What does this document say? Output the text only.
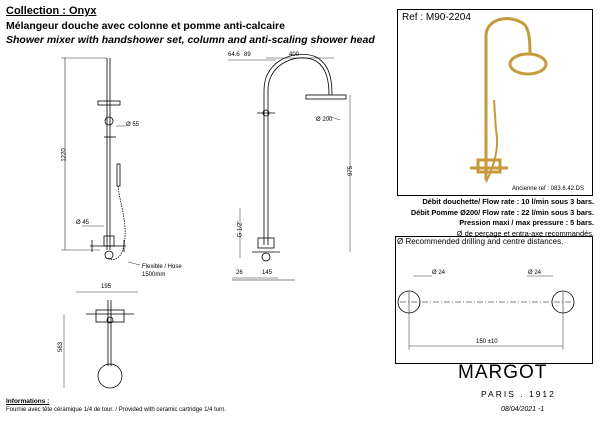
Collection : Onyx
Mélangeur douche avec colonne et pomme anti-calcaire
Shower mixer with handshower set, column and anti-scaling shower head
Ref : M90-2204
Ancienne ref : 083.6.42.DS
Débit douchette/ Flow rate : 10 l/min sous 3 bars.
Débit Pomme Ø200/ Flow rate : 22 l/min sous 3 bars.
Pression maxi / max pressure : 5 bars.
Ø de perçage et entra-axe recommandés.
Ø Recommended drilling and centre distances.
1220
Ø 55
Ø 45
Flexible / Hose
1500mm
64.6 89	400
Ø 200
975
G 1/2"
26	145
195
563
Ø 24	Ø 24
150 ±10
Informations :
Fournie avec tête céramique 1/4 de tour. / Provided with ceramic cartridge 1/4 turn.
MARGOT
PARIS . 1912
08/04/2021 -1
